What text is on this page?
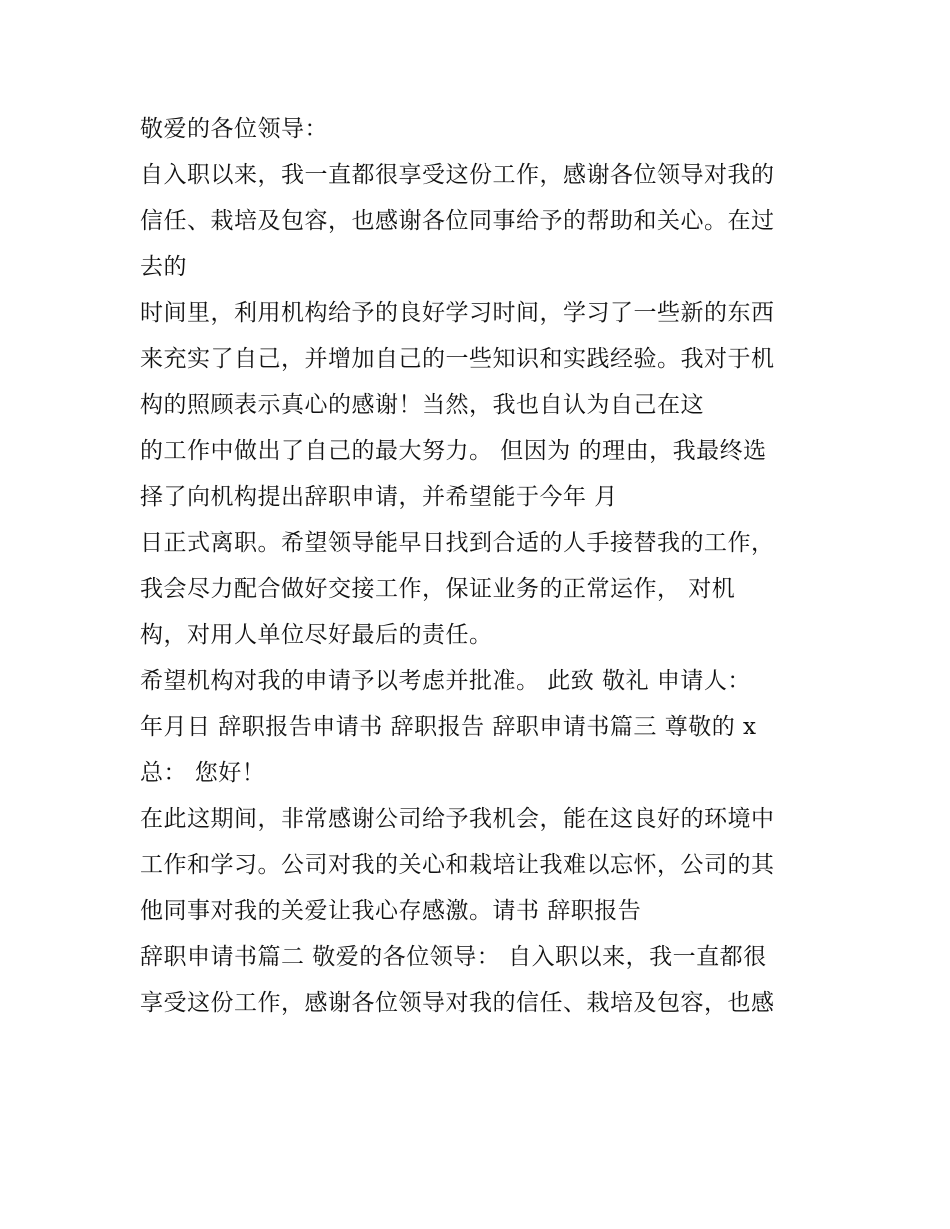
敬爱的各位领导：
自入职以来，我一直都很享受这份工作，感谢各位领导对我的
信任、栽培及包容，也感谢各位同事给予的帮助和关心。在过
去的
时间里，利用机构给予的良好学习时间，学习了一些新的东西
来充实了自己，并增加自己的一些知识和实践经验。我对于机
构的照顾表示真心的感谢！当然，我也自认为自己在这
的工作中做出了自己的最大努力。 但因为 的理由，我最终选
择了向机构提出辞职申请，并希望能于今年 月
日正式离职。希望领导能早日找到合适的人手接替我的工作，
我会尽力配合做好交接工作，保证业务的正常运作， 对机
构，对用人单位尽好最后的责任。
希望机构对我的申请予以考虑并批准。 此致 敬礼 申请人：
年月日 辞职报告申请书 辞职报告 辞职申请书篇三 尊敬的 x
总： 您好！
在此这期间，非常感谢公司给予我机会，能在这良好的环境中
工作和学习。公司对我的关心和栽培让我难以忘怀，公司的其
他同事对我的关爱让我心存感激。请书 辞职报告
辞职申请书篇二 敬爱的各位领导： 自入职以来，我一直都很
享受这份工作，感谢各位领导对我的信任、栽培及包容，也感
